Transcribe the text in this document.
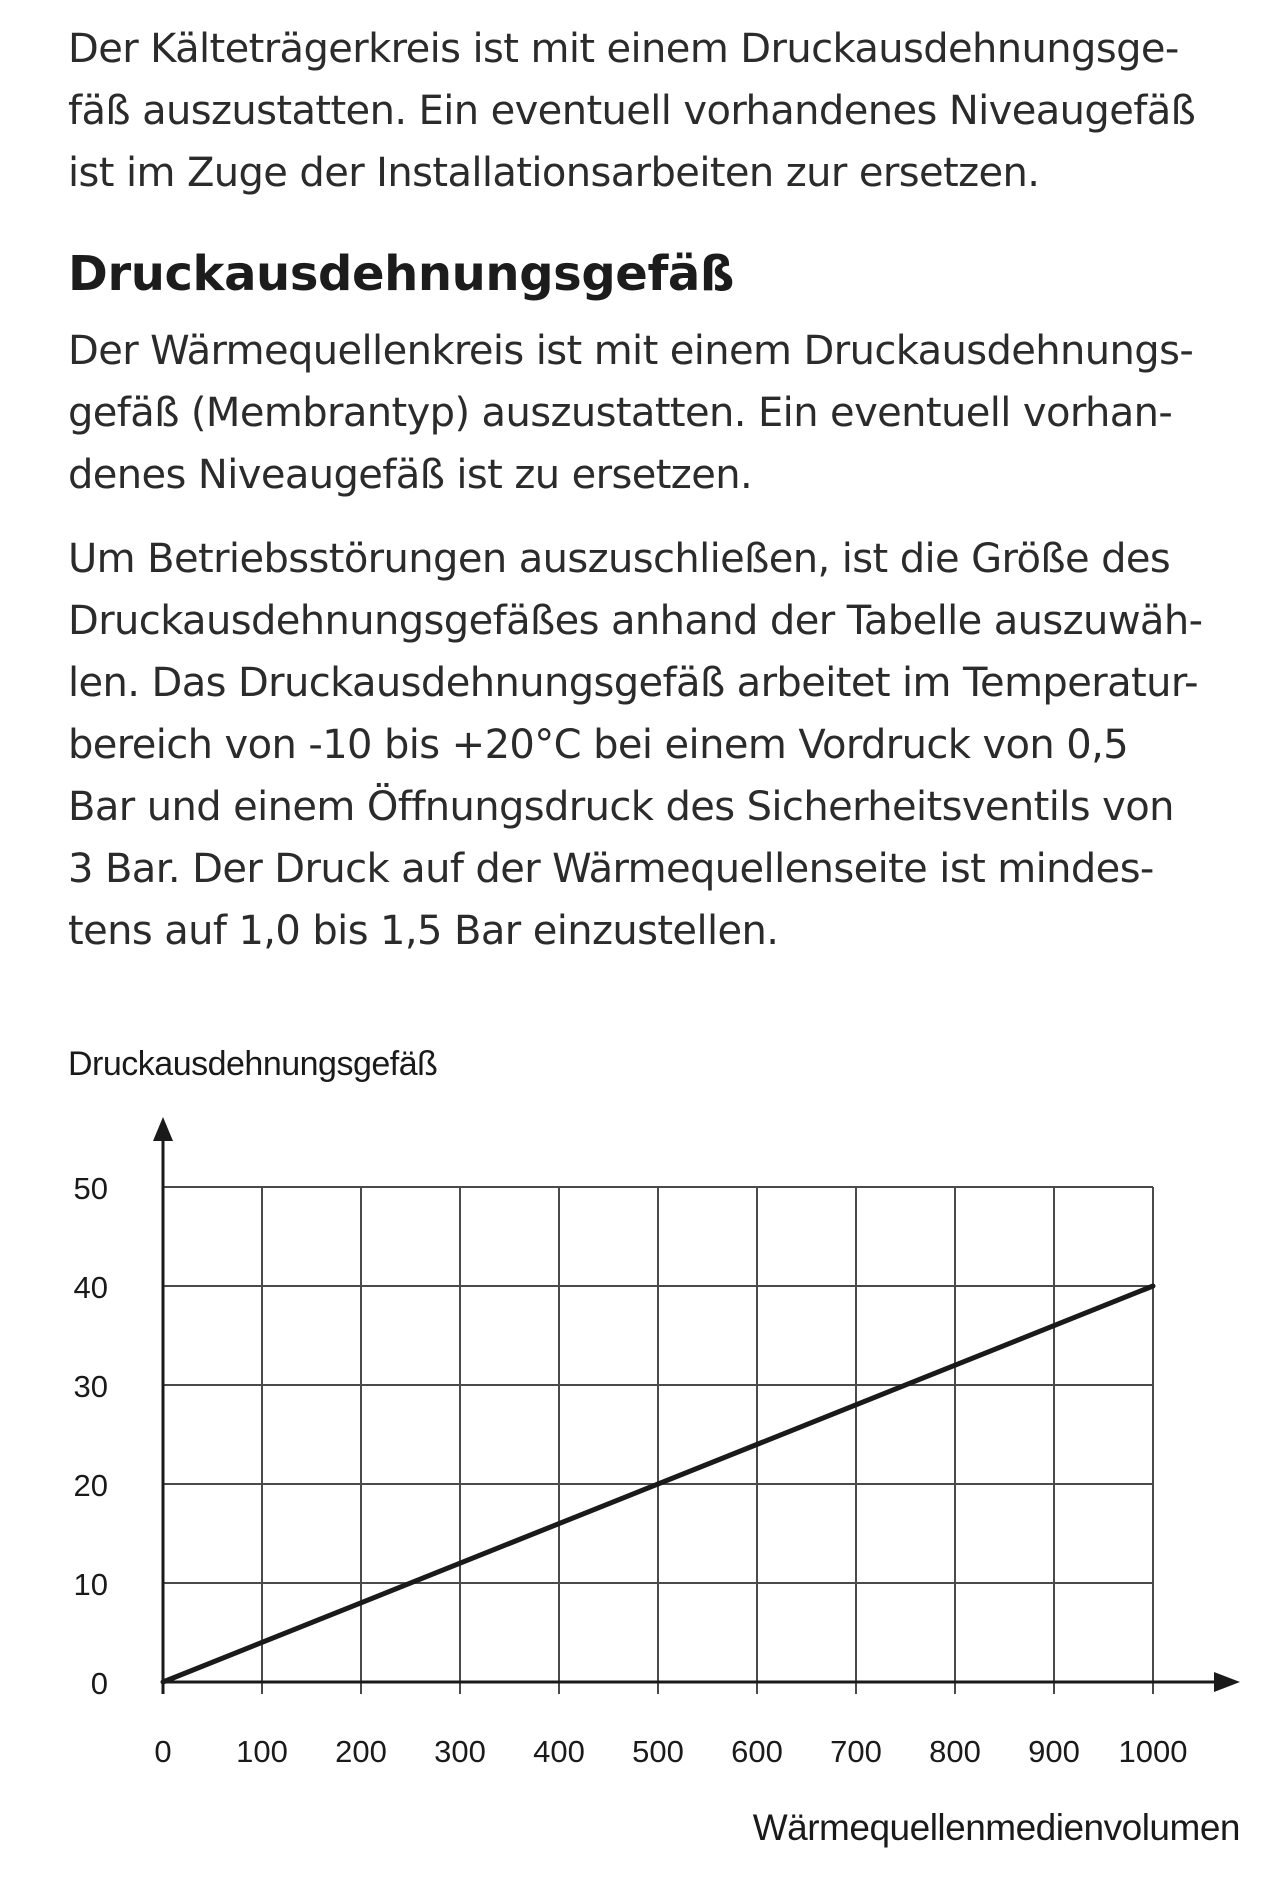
Der Kälteträgerkreis ist mit einem Druckausdehnungsge-
fäß auszustatten. Ein eventuell vorhandenes Niveaugefäß
ist im Zuge der Installationsarbeiten zur ersetzen.

Druckausdehnungsgefäß

Der Wärmequellenkreis ist mit einem Druckausdehnungs-
gefäß (Membrantyp) auszustatten. Ein eventuell vorhan-
denes Niveaugefäß ist zu ersetzen.

Um Betriebsstörungen auszuschließen, ist die Größe des
Druckausdehnungsgefäßes anhand der Tabelle auszuwäh-
len. Das Druckausdehnungsgefäß arbeitet im Temperatur-
bereich von -10 bis +20°C bei einem Vordruck von 0,5
Bar und einem Öffnungsdruck des Sicherheitsventils von
3 Bar. Der Druck auf der Wärmequellenseite ist mindes-
tens auf 1,0 bis 1,5 Bar einzustellen.

0
10
20
30
40
50
0 100 200 300 400 500 600 700 800 900 1000
Druckausdehnungsgefäß
Wärmequellenmedienvolumen
